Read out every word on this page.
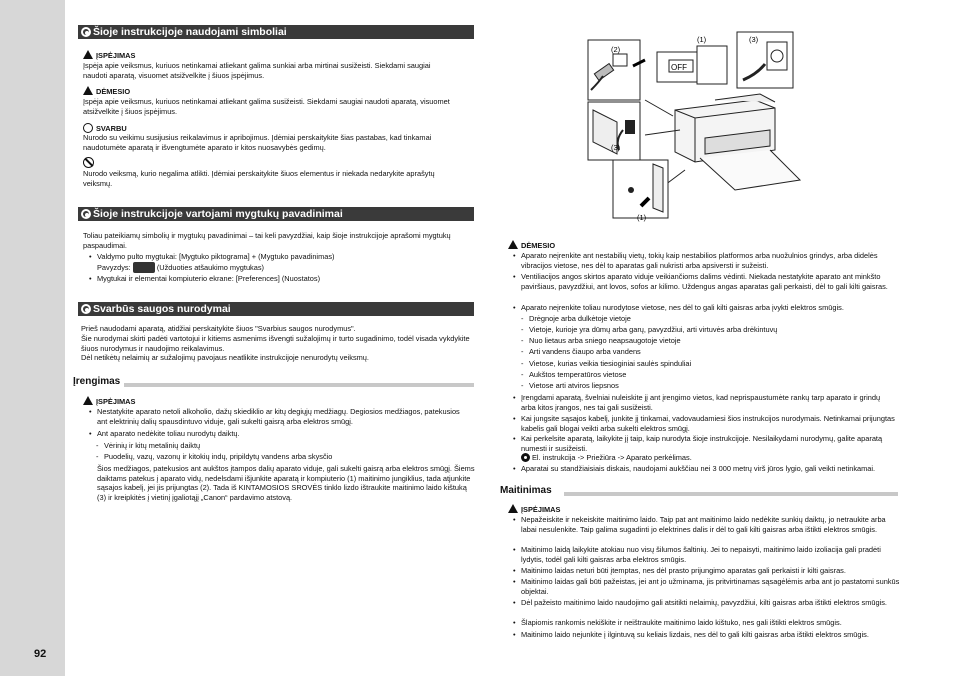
92
Šioje instrukcijoje naudojami simboliai
ĮSPĖJIMAS
Įspėja apie veiksmus, kuriuos netinkamai atliekant galima sunkiai arba mirtinai susižeisti. Siekdami saugiai naudoti aparatą, visuomet atsižvelkite į šiuos įspėjimus.
DĖMESIO
Įspėja apie veiksmus, kuriuos netinkamai atliekant galima susižeisti. Siekdami saugiai naudoti aparatą, visuomet atsižvelkite į šiuos įspėjimus.
SVARBU
Nurodo su veikimu susijusius reikalavimus ir apribojimus. Įdėmiai perskaitykite šias pastabas, kad tinkamai naudotumėte aparatą ir išvengtumėte aparato ir kitos nuosavybės gedimų.
Nurodo veiksmą, kurio negalima atlikti. Įdėmiai perskaitykite šiuos elementus ir niekada nedarykite aprašytų veiksmų.
Šioje instrukcijoje vartojami mygtukų pavadinimai
Toliau pateikiamų simbolių ir mygtukų pavadinimai – tai keli pavyzdžiai, kaip šioje instrukcijoje aprašomi mygtukų paspaudimai.
• Valdymo pulto mygtukai: [Mygtuko piktograma] + (Mygtuko pavadinimas)
Pavyzdys:	(Užduoties atšaukimo mygtukas)
• Mygtukai ir elementai kompiuterio ekrane: [Preferences] (Nuostatos)
Svarbūs saugos nurodymai
Prieš naudodami aparatą, atidžiai perskaitykite šiuos "Svarbius saugos nurodymus".
Šie nurodymai skirti padėti vartotojui ir kitiems asmenims išvengti sužalojimų ir turto sugadinimo, todėl visada vykdykite šiuos nurodymus ir naudojimo reikalavimus.
Dėl netikėtų nelaimių ar sužalojimų pavojaus neatlikite instrukcijoje nenurodytų veiksmų.
Įrengimas
ĮSPĖJIMAS
• Nestatykite aparato netoli alkoholio, dažų skiediklio ar kitų degiųjų medžiagų. Degiosios medžiagos, patekusios ant elektrinių dalių spausdintuvo viduje, gali sukelti gaisrą arba elektros smūgį.
• Ant aparato nedėkite toliau nurodytų daiktų.
- Vėrinių ir kitų metalinių daiktų
- Puodelių, vazų, vazonų ir kitokių indų, pripildytų vandens arba skysčio
Šios medžiagos, patekusios ant aukštos įtampos dalių aparato viduje, gali sukelti gaisrą arba elektros smūgį. Šiems daiktams patekus į aparato vidų, nedelsdami išjunkite aparatą ir kompiuterio (1) maitinimo jungiklius, tada atjunkite sąsajos kabelį, jei jis prijungtas (2). Tada iš KINTAMOSIOS SROVĖS tinklo lizdo ištraukite maitinimo laido kištuką (3) ir kreipkitės į vietinį įgaliotąjį „Canon“ pardavimo atstovą.
(2)
OFF
(1)	(3)
(3)
(1)
DĖMESIO
• Aparato neįrenkite ant nestabilių vietų, tokių kaip nestabilios platformos arba nuožulnios grindys, arba didelės vibracijos vietose, nes dėl to aparatas gali nukristi arba apsiversti ir sužeisti.
• Ventiliacijos angos skirtos aparato viduje veikiančioms dalims vėdinti. Niekada nestatykite aparato ant minkšto paviršiaus, pavyzdžiui, ant lovos, sofos ar kilimo. Uždengus angas aparatas gali perkaisti, dėl to gali kilti gaisras.
• Aparato neįrenkite toliau nurodytose vietose, nes dėl to gali kilti gaisras arba įvykti elektros smūgis.
- Drėgnoje arba dulkėtoje vietoje
- Vietoje, kurioje yra dūmų arba garų, pavyzdžiui, arti virtuvės arba drėkintuvų
- Nuo lietaus arba sniego neapsaugotoje vietoje
- Arti vandens čiaupo arba vandens
- Vietose, kurias veikia tiesioginiai saulės spinduliai
- Aukštos temperatūros vietose
- Vietose arti atviros liepsnos
• Įrengdami aparatą, švelniai nuleiskite jį ant įrengimo vietos, kad neprispaustumėte rankų tarp aparato ir grindų arba kitos įrangos, nes tai gali susižeisti.
• Kai jungsite sąsajos kabelį, junkite jį tinkamai, vadovaudamiesi šios instrukcijos nurodymais. Netinkamai prijungtas kabelis gali blogai veikti arba sukelti elektros smūgį.
• Kai perkelsite aparatą, laikykite jį taip, kaip nurodyta šioje instrukcijoje. Nesilaikydami nurodymų, galite aparatą numesti ir susižeisti.
El. instrukcija -> Priežiūra -> Aparato perkėlimas.
• Aparatai su standžiaisiais diskais, naudojami aukščiau nei 3 000 metrų virš jūros lygio, gali veikti netinkamai.
Maitinimas
ĮSPĖJIMAS
• Nepažeiskite ir nekeiskite maitinimo laido. Taip pat ant maitinimo laido nedėkite sunkių daiktų, jo netraukite arba labai nesulenkite. Taip galima sugadinti jo elektrines dalis ir dėl to gali kilti gaisras arba ištikti elektros smūgis.
• Maitinimo laidą laikykite atokiau nuo visų šilumos šaltinių. Jei to nepaisyti, maitinimo laido izoliacija gali pradėti lydytis, todėl gali kilti gaisras arba elektros smūgis.
• Maitinimo laidas neturi būti įtemptas, nes dėl prasto prijungimo aparatas gali perkaisti ir kilti gaisras.
• Maitinimo laidas gali būti pažeistas, jei ant jo užminama, jis pritvirtinamas sąsagėlėmis arba ant jo pastatomi sunkūs objektai.
• Dėl pažeisto maitinimo laido naudojimo gali atsitikti nelaimių, pavyzdžiui, kilti gaisras arba ištikti elektros smūgis.
• Šlapiomis rankomis nekiškite ir neištraukite maitinimo laido kištuko, nes gali ištikti elektros smūgis.
• Maitinimo laido nejunkite į ilgintuvą su keliais lizdais, nes dėl to gali kilti gaisras arba ištikti elektros smūgis.
